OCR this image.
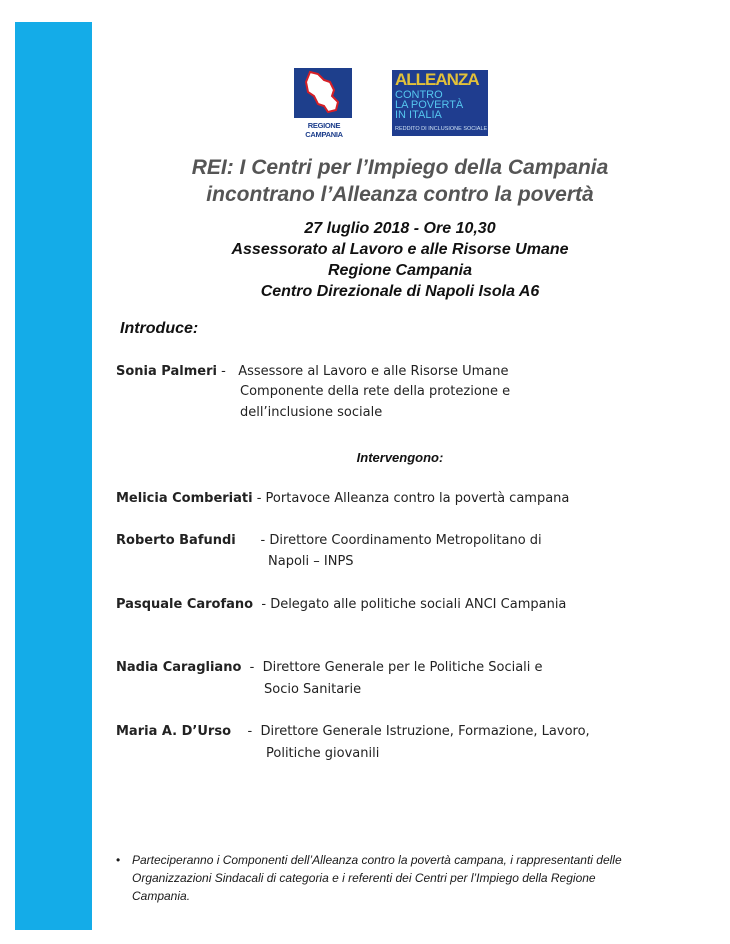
REGIONE CAMPANIA
ALLEANZA
CONTRO
LA POVERTÀ
IN ITALIA
REDDITO DI INCLUSIONE SOCIALE
REI: I Centri per l’Impiego della Campania
incontrano l’Alleanza contro la povertà
27 luglio 2018 - Ore 10,30
Assessorato al Lavoro e alle Risorse Umane
Regione Campania
Centro Direzionale di Napoli Isola A6
Introduce:
Sonia Palmeri -   Assessore al Lavoro e alle Risorse Umane
Componente della rete della protezione e
dell’inclusione sociale
Intervengono:
Melicia Comberiati - Portavoce Alleanza contro la povertà campana
Roberto Bafundi      - Direttore Coordinamento Metropolitano di
Napoli – INPS
Pasquale Carofano  - Delegato alle politiche sociali ANCI Campania
Nadia Caragliano  -  Direttore Generale per le Politiche Sociali e
Socio Sanitarie
Maria A. D’Urso    -  Direttore Generale Istruzione, Formazione, Lavoro,
Politiche giovanili
• Parteciperanno i Componenti dell’Alleanza contro la povertà campana, i rappresentanti delle Organizzazioni Sindacali di categoria e i referenti dei Centri per l’Impiego della Regione Campania.
